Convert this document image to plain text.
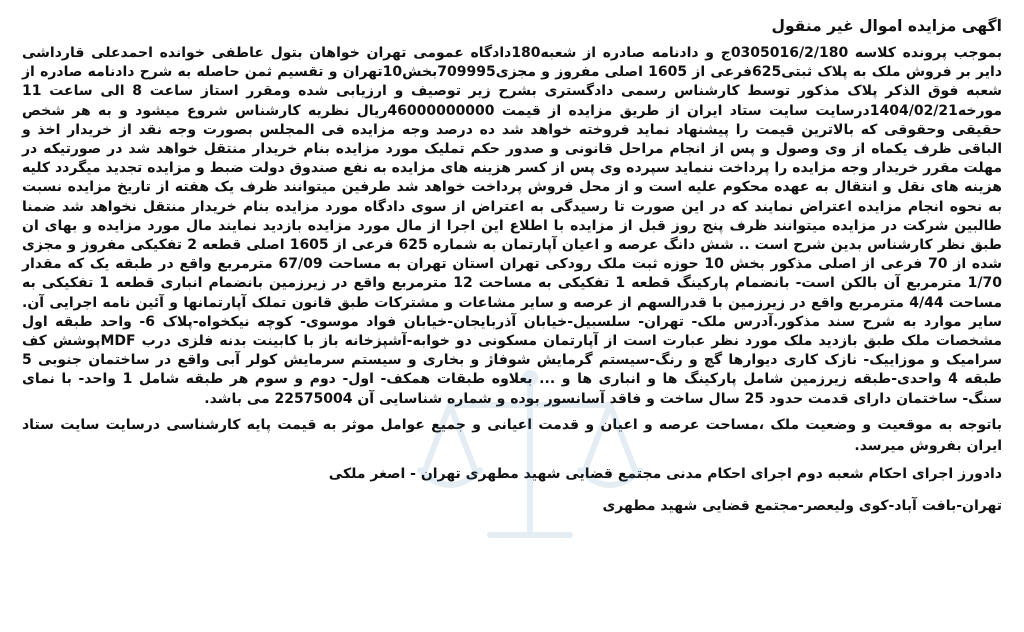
اگهی مزایده اموال غیر منقول
بموجب پرونده کلاسه 0305016/2/180ج و دادنامه صادره از شعبه180دادگاه عمومی تهران خواهان بتول عاطفی خوانده احمدعلی قارداشی دایر بر فروش ملک به پلاک ثبتی625فرعی از 1605 اصلی مفروز و مجزی709995بخش10تهران و تقسیم ثمن حاصله به شرح دادنامه صادره از شعبه فوق الذکر پلاک مذکور توسط کارشناس رسمی دادگستری بشرح زیر توصیف و ارزیابی شده ومقرر استاز ساعت 8 الی ساعت 11 مورخه1404/02/21درسایت سایت ستاد ایران از طریق مزایده از قیمت 46000000000ریال نظریه کارشناس شروع میشود و به هر شخص حقیقی وحقوقی که بالاترین قیمت را پیشنهاد نماید فروخته خواهد شد ده درصد وجه مزایده فی المجلس بصورت وجه نقد از خریدار اخذ و الباقی ظرف یکماه از وی وصول و پس از انجام مراحل قانونی و صدور حکم تملیک مورد مزایده بنام خریدار منتقل خواهد شد در صورتیکه در مهلت مقرر خریدار وجه مزایده را پرداخت ننماید سپرده وی پس از کسر هزینه های مزایده به نفع صندوق دولت ضبط و مزایده تجدید میگردد کلیه هزینه های نقل و انتقال به عهده محکوم علیه است و از محل فروش پرداخت خواهد شد طرفین میتوانند ظرف یک هفته از تاریخ مزایده نسبت به نحوه انجام مزایده اعتراض نمایند که در این صورت تا رسیدگی به اعتراض از سوی دادگاه مورد مزایده بنام خریدار منتقل نخواهد شد ضمنا طالبین شرکت در مزایده میتوانند ظرف پنج روز قبل از مزایده با اطلاع این اجرا از مال مورد مزایده بازدید نمایند مال مورد مزایده و بهای ان طبق نظر کارشناس بدین شرح است .. شش دانگ عرصه و اعیان آپارتمان به شماره 625 فرعی از 1605 اصلی قطعه 2 تفکیکی مفروز و مجزی شده از 70 فرعی از اصلی مذکور بخش 10 حوزه ثبت ملک رودکی تهران استان تهران به مساحت 67/09 مترمربع واقع در طبقه یک که مقدار 1/70 مترمربع آن بالکن است- بانضمام پارکینگ قطعه 1 تفکیکی به مساحت 12 مترمربع واقع در زیرزمین بانضمام انباری قطعه 1 تفکیکی به مساحت 4/44 مترمربع واقع در زیرزمین با قدرالسهم از عرصه و سایر مشاعات و مشترکات طبق قانون تملک آپارتمانها و آئین نامه اجرایی آن. سایر موارد به شرح سند مذکور.آدرس ملک- تهران- سلسبیل-خیابان آذربایجان-خیابان فواد موسوی- کوچه نیکخواه-پلاک 6- واحد طبقه اول مشخصات ملک طبق بازدید ملک مورد نظر عبارت است از آپارتمان مسکونی دو خوابه-آشپزخانه باز با کابینت بدنه فلزی درب MDFپوشش کف سرامیک و موزاییک- نازک کاری دیوارها گچ و رنگ-سیستم گرمایش شوفاژ و بخاری و سیستم سرمایش کولر آبی واقع در ساختمان جنوبی 5 طبقه 4 واحدی-طبقه زیرزمین شامل پارکینگ ها و انباری ها و ... بعلاوه طبقات همکف- اول- دوم و سوم هر طبقه شامل 1 واحد- با نمای سنگ- ساختمان دارای قدمت حدود 25 سال ساخت و فاقد آسانسور بوده و شماره شناسایی آن 22575004 می باشد.
باتوجه به موقعیت و وضعیت ملک ،مساحت عرصه و اعیان و قدمت اعیانی و جمیع عوامل موثر به قیمت پایه کارشناسی درسایت سایت ستاد ایران بفروش میرسد.
دادورز اجرای احکام شعبه دوم اجرای احکام مدنی مجتمع قضایی شهید مطهری تهران - اصغر ملکی
تهران-بافت آباد-کوی ولیعصر-مجتمع قضایی شهید مطهری
